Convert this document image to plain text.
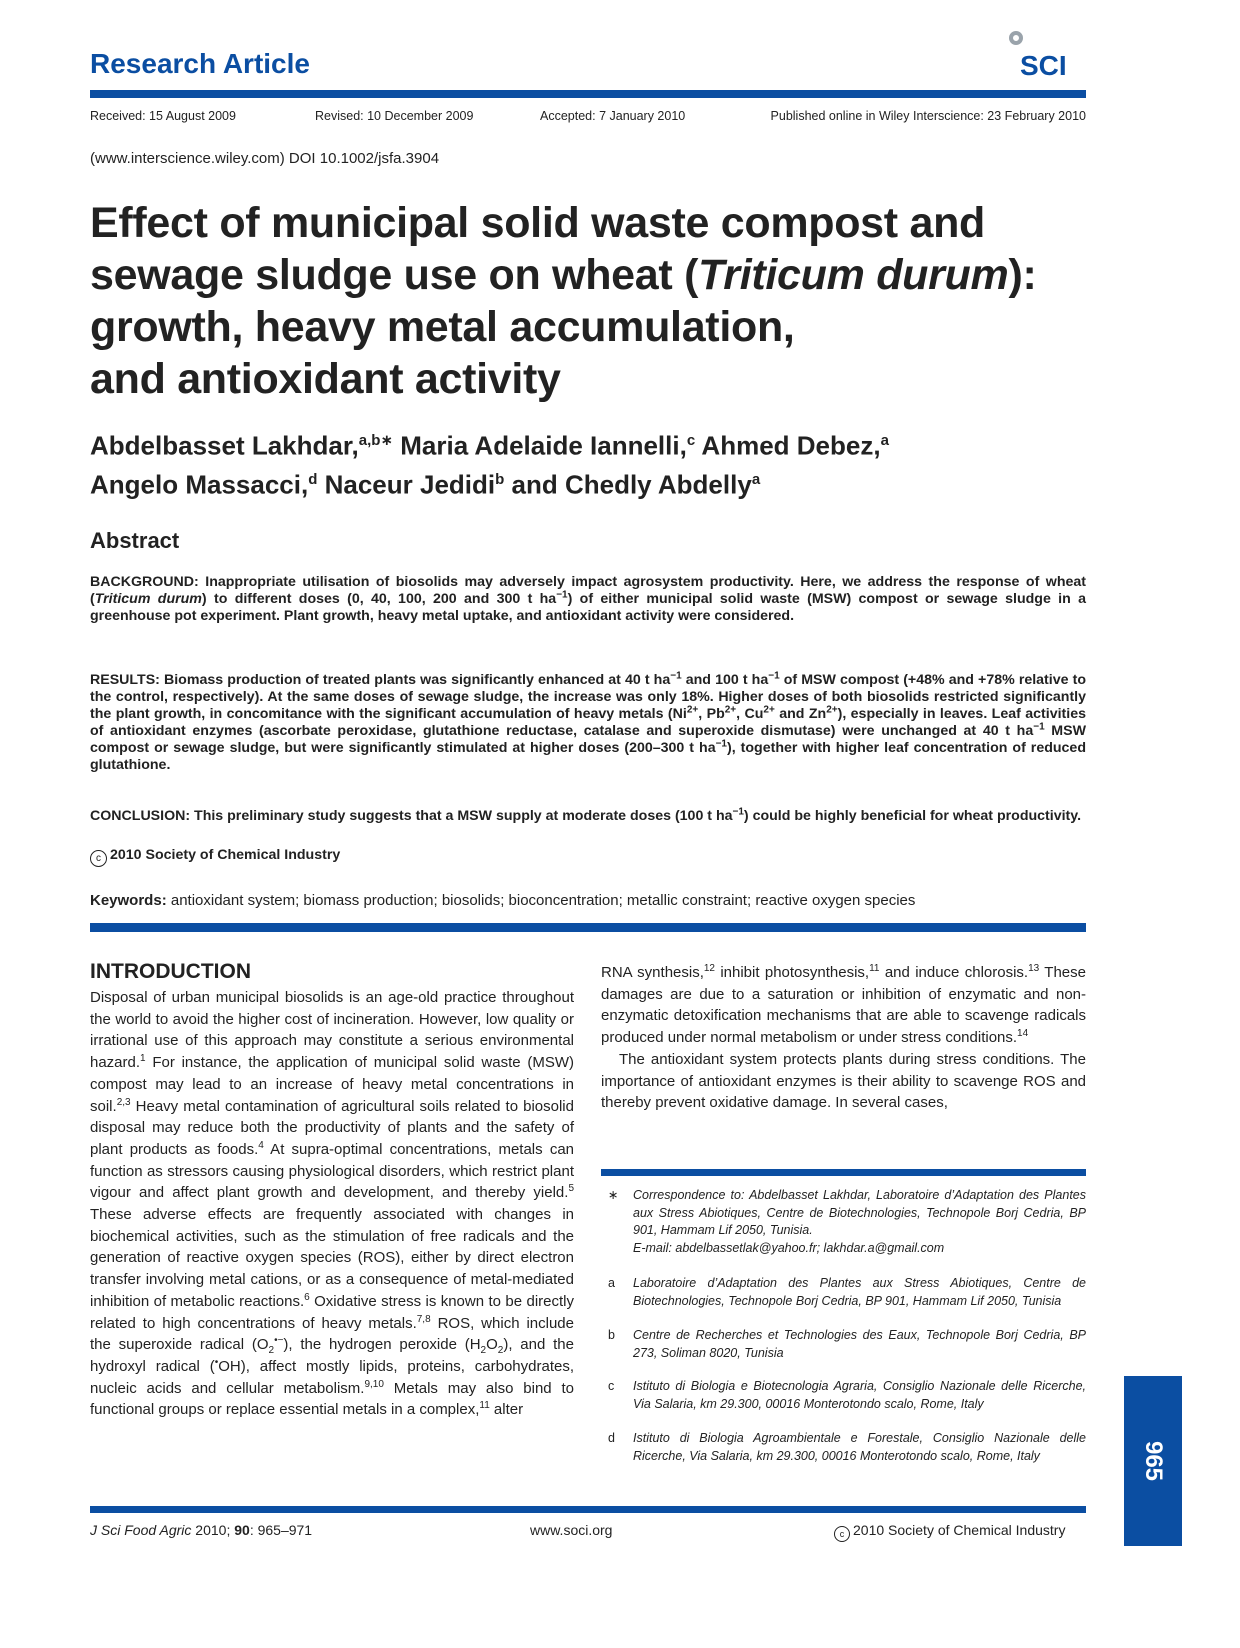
Research Article	SCI
Received: 15 August 2009	Revised: 10 December 2009	Accepted: 7 January 2010	Published online in Wiley Interscience: 23 February 2010
(www.interscience.wiley.com) DOI 10.1002/jsfa.3904
Effect of municipal solid waste compost and
sewage sludge use on wheat (Triticum durum):
growth, heavy metal accumulation,
and antioxidant activity
Abdelbasset Lakhdar,$^{a,b∗}$ Maria Adelaide Iannelli,$^c$ Ahmed Debez,$^a$
Angelo Massacci,$^d$ Naceur Jedidi$^b$ and Chedly Abdelly$^a$
Abstract
BACKGROUND: Inappropriate utilisation of biosolids may adversely impact agrosystem productivity. Here, we address the response of wheat (Triticum durum) to different doses (0, 40, 100, 200 and 300 t $ha^{-1}$) of either municipal solid waste (MSW) compost or sewage sludge in a greenhouse pot experiment. Plant growth, heavy metal uptake, and antioxidant activity were considered.
RESULTS: Biomass production of treated plants was significantly enhanced at 40 t $ha^{-1}$ and 100 t $ha^{-1}$ of MSW compost (+48% and +78% relative to the control, respectively). At the same doses of sewage sludge, the increase was only 18%. Higher doses of both biosolids restricted significantly the plant growth, in concomitance with the significant accumulation of heavy metals ($Ni^{2+}$, $Pb^{2+}$, $Cu^{2+}$ and $Zn^{2+}$), especially in leaves. Leaf activities of antioxidant enzymes (ascorbate peroxidase, glutathione reductase, catalase and superoxide dismutase) were unchanged at 40 t $ha^{-1}$ MSW compost or sewage sludge, but were significantly stimulated at higher doses (200–300 t $ha^{-1}$), together with higher leaf concentration of reduced glutathione.
CONCLUSION: This preliminary study suggests that a MSW supply at moderate doses (100 t $ha^{-1}$) could be highly beneficial for wheat productivity.
c 2010 Society of Chemical Industry
Keywords: antioxidant system; biomass production; biosolids; bioconcentration; metallic constraint; reactive oxygen species
INTRODUCTION
Disposal of urban municipal biosolids is an age-old practice throughout the world to avoid the higher cost of incineration. However, low quality or irrational use of this approach may constitute a serious environmental hazard.$^1$ For instance, the application of municipal solid waste (MSW) compost may lead to an increase of heavy metal concentrations in soil.$^{2,3}$ Heavy metal contamination of agricultural soils related to biosolid disposal may reduce both the productivity of plants and the safety of plant products as foods.$^4$ At supra-optimal concentrations, metals can function as stressors causing physiological disorders, which restrict plant vigour and affect plant growth and development, and thereby yield.$^5$ These adverse effects are frequently associated with changes in biochemical activities, such as the stimulation of free radicals and the generation of reactive oxygen species (ROS), either by direct electron transfer involving metal cations, or as a consequence of metal-mediated inhibition of metabolic reactions.$^6$ Oxidative stress is known to be directly related to high concentrations of heavy metals.$^{7,8}$ ROS, which include the superoxide radical $(O_2^{•-})$, the hydrogen peroxide $(H_2O_2)$, and the hydroxyl radical (•OH), affect mostly lipids, proteins, carbohydrates, nucleic acids and cellular metabolism.$^{9,10}$ Metals may also bind to functional groups or replace essential metals in a complex,$^{11}$ alter
RNA synthesis,$^{12}$ inhibit photosynthesis,$^{11}$ and induce chlorosis.$^{13}$ These damages are due to a saturation or inhibition of enzymatic and non-enzymatic detoxification mechanisms that are able to scavenge radicals produced under normal metabolism or under stress conditions.$^{14}$
The antioxidant system protects plants during stress conditions. The importance of antioxidant enzymes is their ability to scavenge ROS and thereby prevent oxidative damage. In several cases,
∗ Correspondence to: Abdelbasset Lakhdar, Laboratoire d’Adaptation des Plantes aux Stress Abiotiques, Centre de Biotechnologies, Technopole Borj Cedria, BP 901, Hammam Lif 2050, Tunisia.
E-mail: abdelbassetlak@yahoo.fr; lakhdar.a@gmail.com
a	Laboratoire d’Adaptation des Plantes aux Stress Abiotiques, Centre de Biotechnologies, Technopole Borj Cedria, BP 901, Hammam Lif 2050, Tunisia
b	Centre de Recherches et Technologies des Eaux, Technopole Borj Cedria, BP 273, Soliman 8020, Tunisia
c	Istituto di Biologia e Biotecnologia Agraria, Consiglio Nazionale delle Ricerche, Via Salaria, km 29.300, 00016 Monterotondo scalo, Rome, Italy
d	Istituto di Biologia Agroambientale e Forestale, Consiglio Nazionale delle Ricerche, Via Salaria, km 29.300, 00016 Monterotondo scalo, Rome, Italy	965
J Sci Food Agric 2010; 90: 965–971	www.soci.org	c 2010 Society of Chemical Industry
